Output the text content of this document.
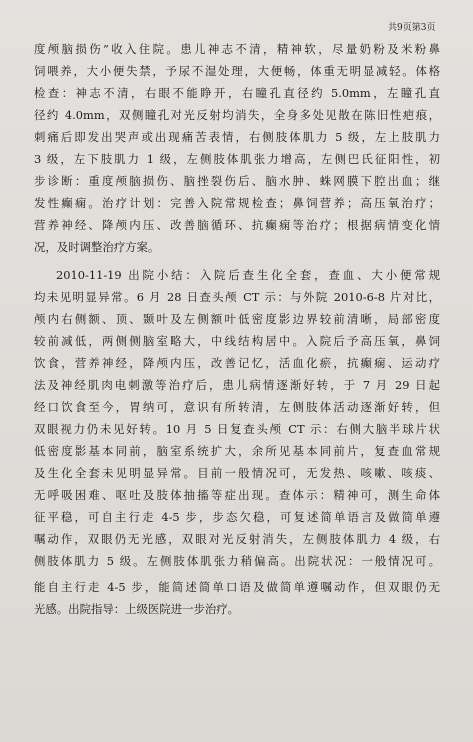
共9页第3页
度颅脑损伤”收入住院。患儿神志不清，精神软，尽量奶粉及米粉鼻
饲喂养，大小便失禁，予尿不湿处理，大便畅，体重无明显减轻。体格
检查：神志不清，右眼不能睁开，右瞳孔直径约 5.0mm，左瞳孔直
径约 4.0mm，双侧瞳孔对光反射均消失，全身多处见散在陈旧性疤痕，
刺痛后即发出哭声或出现痛苦表情，右侧肢体肌力 5 级，左上肢肌力
3 级，左下肢肌力 1 级，左侧肢体肌张力增高，左侧巴氏征阳性，初
步诊断：重度颅脑损伤、脑挫裂伤后、脑水肿、蛛网膜下腔出血；继
发性癫痫。治疗计划：完善入院常规检查；鼻饲营养；高压氧治疗；
营养神经、降颅内压、改善脑循环、抗癫痫等治疗；根据病情变化情
况，及时调整治疗方案。
2010-11-19 出院小结：入院后查生化全套，查血、大小便常规
均未见明显异常。6 月 28 日查头颅 CT 示：与外院 2010-6-8 片对比，
颅内右侧额、顶、颞叶及左侧额叶低密度影边界较前清晰，局部密度
较前减低，两侧侧脑室略大，中线结构居中。入院后予高压氧，鼻饲
饮食，营养神经，降颅内压，改善记忆，活血化瘀，抗癫痫、运动疗
法及神经肌肉电刺激等治疗后，患儿病情逐渐好转，于 7 月 29 日起
经口饮食至今，胃纳可，意识有所转清，左侧肢体活动逐渐好转，但
双眼视力仍未见好转。10 月 5 日复查头颅 CT 示：右侧大脑半球片状
低密度影基本同前，脑室系统扩大，余所见基本同前片，复查血常规
及生化全套未见明显异常。目前一般情况可，无发热、咳嗽、咳痰、
无呼吸困难、呕吐及肢体抽搐等症出现。查体示：精神可，测生命体
征平稳，可自主行走 4-5 步，步态欠稳，可复述简单语言及做简单遵
嘱动作，双眼仍无光感，双眼对光反射消失，左侧肢体肌力 4 级，右
侧肢体肌力 5 级。左侧肢体肌张力稍偏高。出院状况：一般情况可。
能自主行走 4-5 步，能简述简单口语及做简单遵嘱动作，但双眼仍无
光感。出院指导：上级医院进一步治疗。
